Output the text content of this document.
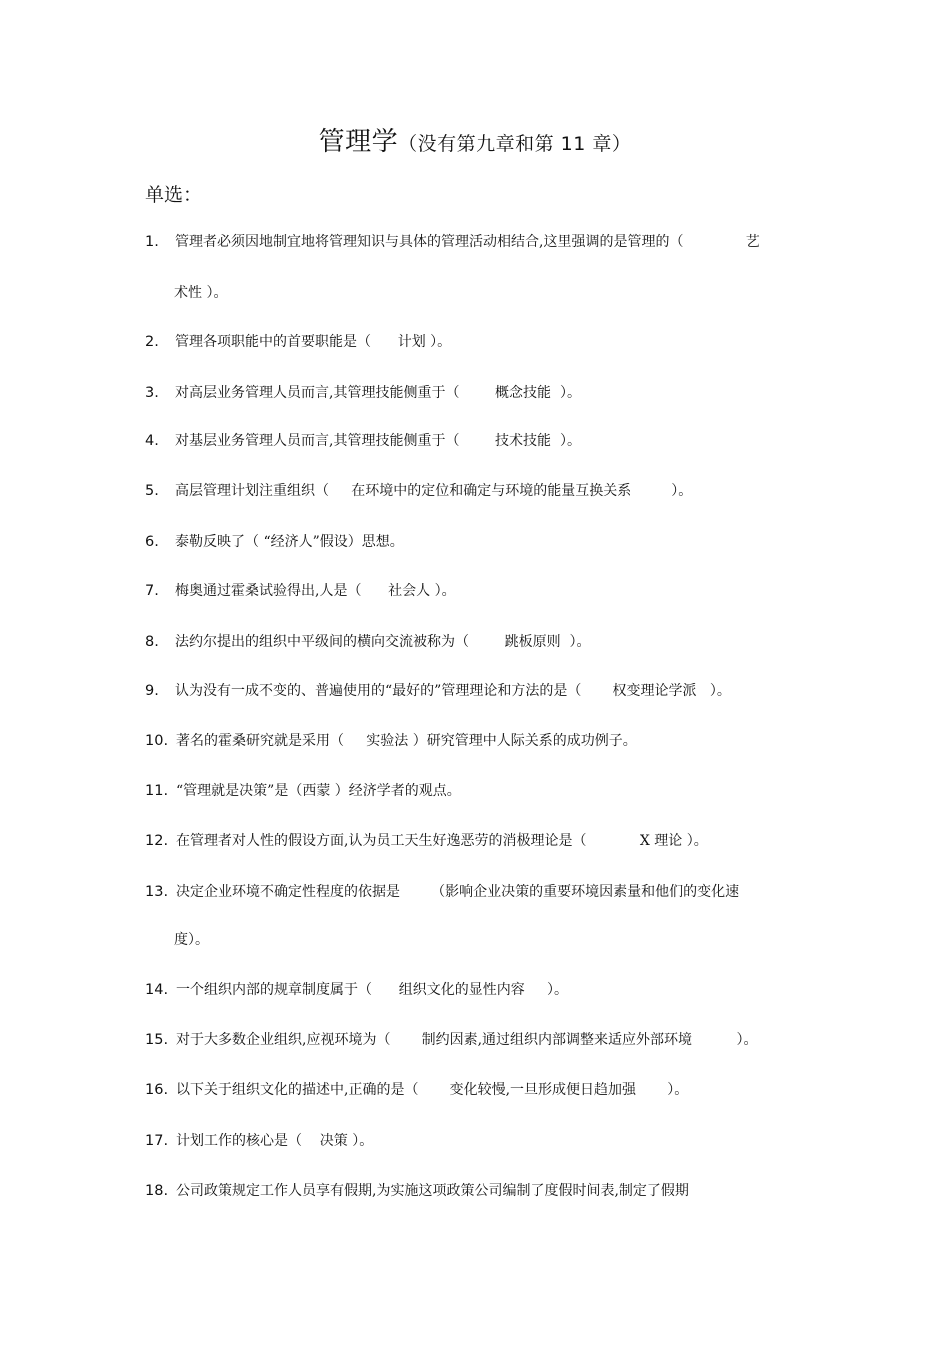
管理学（没有第九章和第 11 章）
单选：
1. 管理者必须因地制宜地将管理知识与具体的管理活动相结合,这里强调的是管理的（              艺
术性 ）。
2. 管理各项职能中的首要职能是（      计划 ）。
3. 对高层业务管理人员而言,其管理技能侧重于（        概念技能  ）。
4. 对基层业务管理人员而言,其管理技能侧重于（        技术技能  ）。
5. 高层管理计划注重组织（     在环境中的定位和确定与环境的能量互换关系         ）。
6. 泰勒反映了（ “经济人”假设）思想。
7. 梅奥通过霍桑试验得出,人是（      社会人 ）。
8. 法约尔提出的组织中平级间的横向交流被称为（        跳板原则  ）。
9. 认为没有一成不变的、普遍使用的“最好的”管理理论和方法的是（       权变理论学派   ）。
10. 著名的霍桑研究就是采用（     实验法 ）研究管理中人际关系的成功例子。
11. “管理就是决策”是（西蒙 ）经济学者的观点。
12. 在管理者对人性的假设方面,认为员工天生好逸恶劳的消极理论是（            X 理论 ）。
13. 决定企业环境不确定性程度的依据是       （影响企业决策的重要环境因素量和他们的变化速
度）。
14. 一个组织内部的规章制度属于（      组织文化的显性内容     ）。
15. 对于大多数企业组织,应视环境为（       制约因素,通过组织内部调整来适应外部环境          ）。
16. 以下关于组织文化的描述中,正确的是（       变化较慢,一旦形成便日趋加强       ）。
17. 计划工作的核心是（    决策 ）。
18. 公司政策规定工作人员享有假期,为实施这项政策公司编制了度假时间表,制定了假期
